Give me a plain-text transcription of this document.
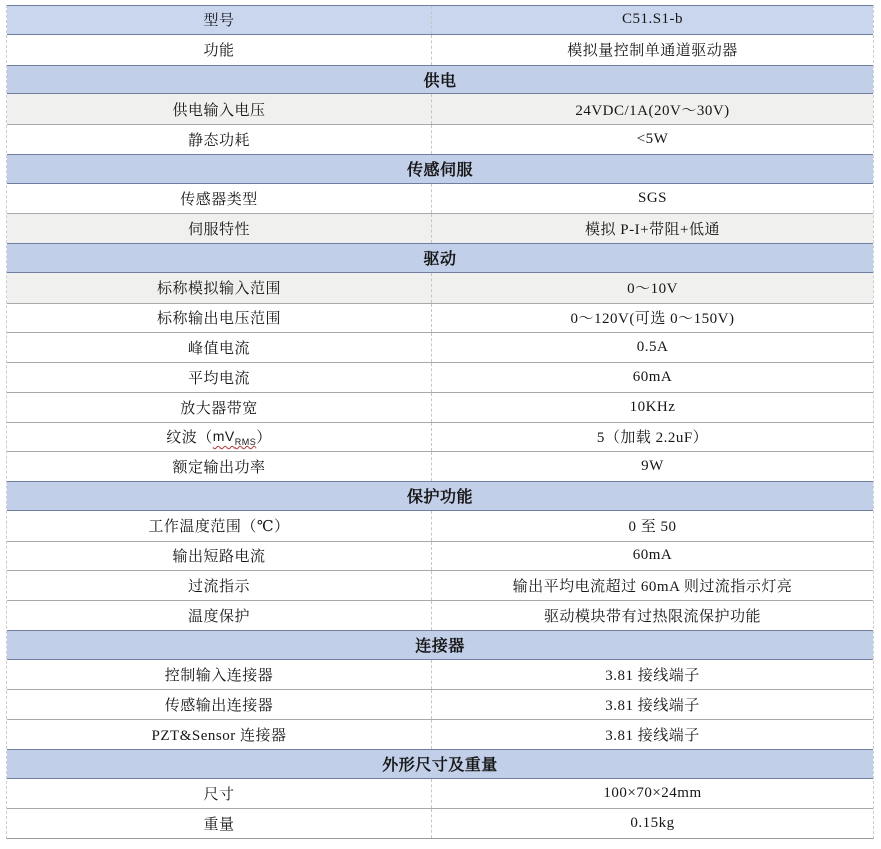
型号	C51.S1-b
功能	模拟量控制单通道驱动器
供电
供电输入电压	24VDC/1A(20V～30V)
静态功耗	<5W
传感伺服
传感器类型	SGS
伺服特性	模拟 P-I+带阻+低通
驱动
标称模拟输入范围	0～10V
标称输出电压范围	0～120V(可选 0～150V)
峰值电流	0.5A
平均电流	60mA
放大器带宽	10KHz
纹波（ $mV_{RMS}$ ）	5（加载 2.2uF）
额定输出功率	9W
保护功能
工作温度范围（℃）	0 至 50
输出短路电流	60mA
过流指示	输出平均电流超过 60mA 则过流指示灯亮
温度保护	驱动模块带有过热限流保护功能
连接器
控制输入连接器	3.81 接线端子
传感输出连接器	3.81 接线端子
PZT&Sensor 连接器	3.81 接线端子
外形尺寸及重量
尺寸	100×70×24mm
重量	0.15kg
